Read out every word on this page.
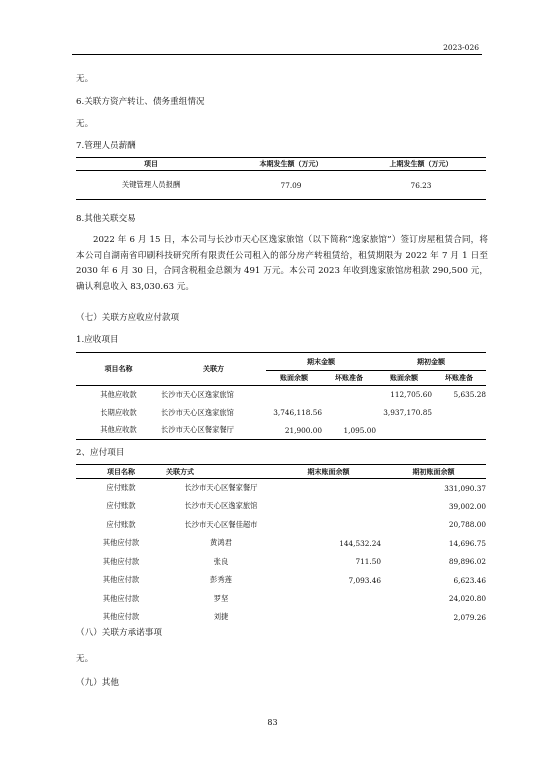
2023-026
无。
6.关联方资产转让、债务重组情况
无。
7.管理人员薪酬
项目	本期发生额（万元）	上期发生额（万元）
关键管理人员报酬	77.09	76.23
8.其他关联交易
2022 年 6 月 15 日，本公司与长沙市天心区逸家旅馆（以下简称“逸家旅馆”）签订房屋租赁合同，将本公司自湖南省印刷科技研究所有限责任公司租入的部分房产转租赁给，租赁期限为 2022 年 7 月 1 日至 2030 年 6 月 30 日，合同含税租金总额为 491 万元。本公司 2023 年收到逸家旅馆房租款 290,500 元，确认利息收入 83,030.63 元。
（七）关联方应收应付款项
1.应收项目
项目名称	关联方	期末金额		期初金额	
		账面余额	坏账准备	账面余额	坏账准备
其他应收款	长沙市天心区逸家旅馆			112,705.60	5,635.28
长期应收款	长沙市天心区逸家旅馆	3,746,118.56		3,937,170.85	
其他应收款	长沙市天心区餐家餐厅	21,900.00	1,095.00		
2、应付项目
项目名称	关联方式	期末账面余额	期初账面余额
应付账款	长沙市天心区餐家餐厅		331,090.37
应付账款	长沙市天心区逸家旅馆		39,002.00
应付账款	长沙市天心区餐佳超市		20,788.00
其他应付款	黄鸿君	144,532.24	14,696.75
其他应付款	张良	711.50	89,896.02
其他应付款	彭秀莲	7,093.46	6,623.46
其他应付款	罗坚		24,020.80
其他应付款	刘捷		2,079.26
（八）关联方承诺事项
无。
（九）其他
83
